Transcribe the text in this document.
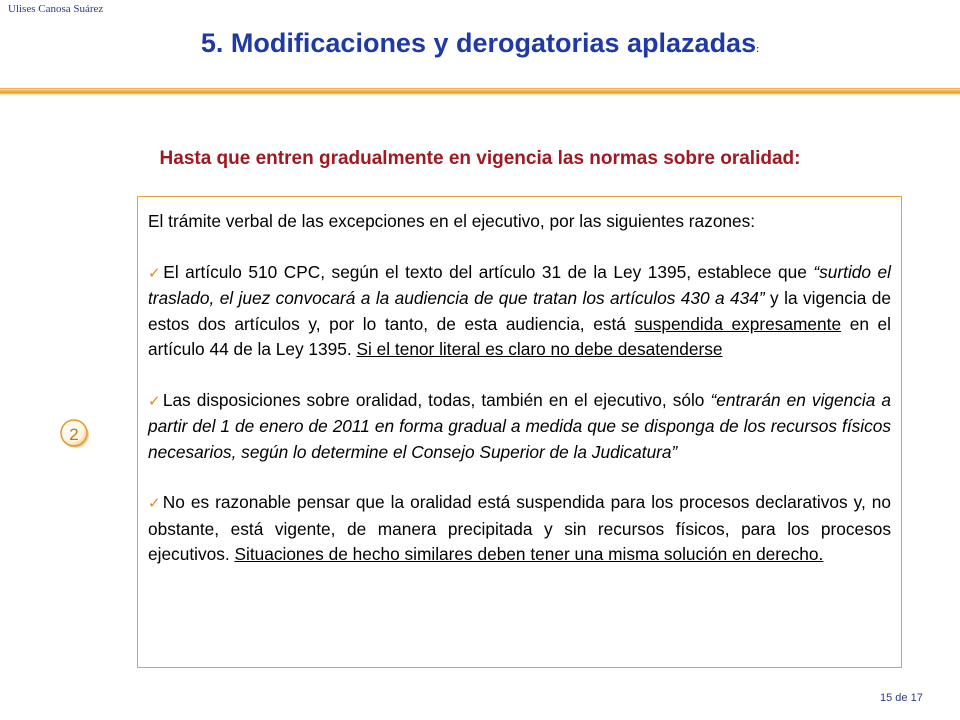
Ulises Canosa Suárez
5. Modificaciones y derogatorias aplazadas:
Hasta que entren gradualmente en vigencia las normas sobre oralidad:
2

El trámite verbal de las excepciones en el ejecutivo, por las siguientes razones:

✓El artículo 510 CPC, según el texto del artículo 31 de la Ley 1395, establece que “surtido el traslado, el juez convocará a la audiencia de que tratan los artículos 430 a 434” y la vigencia de estos dos artículos y, por lo tanto, de esta audiencia, está suspendida expresamente en el artículo 44 de la Ley 1395. Si el tenor literal es claro no debe desatenderse

✓Las disposiciones sobre oralidad, todas, también en el ejecutivo, sólo “entrarán en vigencia a partir del 1 de enero de 2011 en forma gradual a medida que se disponga de los recursos físicos necesarios, según lo determine el Consejo Superior de la Judicatura”

✓No es razonable pensar que la oralidad está suspendida para los procesos declarativos y, no obstante, está vigente, de manera precipitada y sin recursos físicos, para los procesos ejecutivos. Situaciones de hecho similares deben tener una misma solución en derecho.

15 de 17
